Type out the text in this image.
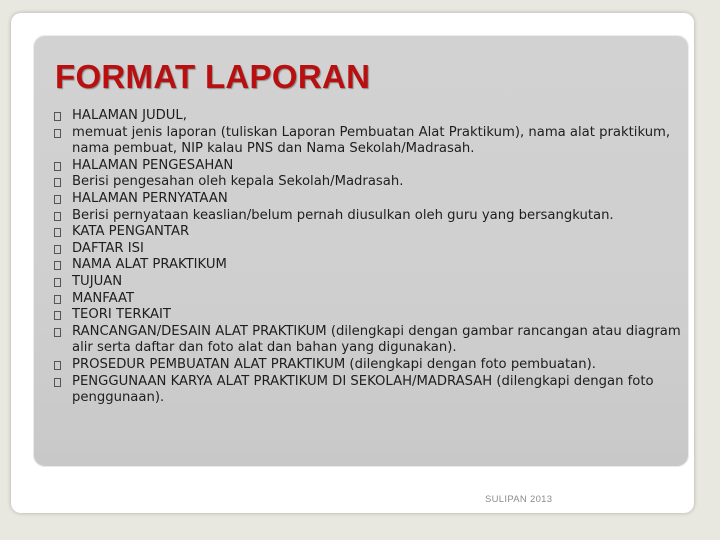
FORMAT LAPORAN
HALAMAN JUDUL,
memuat jenis laporan (tuliskan Laporan Pembuatan Alat Praktikum), nama alat praktikum, nama pembuat, NIP kalau PNS dan Nama Sekolah/Madrasah.
HALAMAN PENGESAHAN
Berisi pengesahan oleh kepala Sekolah/Madrasah.
HALAMAN PERNYATAAN
Berisi pernyataan keaslian/belum pernah diusulkan oleh guru yang bersangkutan.
KATA PENGANTAR
DAFTAR ISI
NAMA ALAT PRAKTIKUM
TUJUAN
MANFAAT
TEORI TERKAIT
RANCANGAN/DESAIN ALAT PRAKTIKUM (dilengkapi dengan gambar rancangan atau diagram alir serta daftar dan foto alat dan bahan yang digunakan).
PROSEDUR PEMBUATAN ALAT PRAKTIKUM (dilengkapi dengan foto pembuatan).
PENGGUNAAN KARYA ALAT PRAKTIKUM DI SEKOLAH/MADRASAH (dilengkapi dengan foto penggunaan).
SULIPAN 2013
